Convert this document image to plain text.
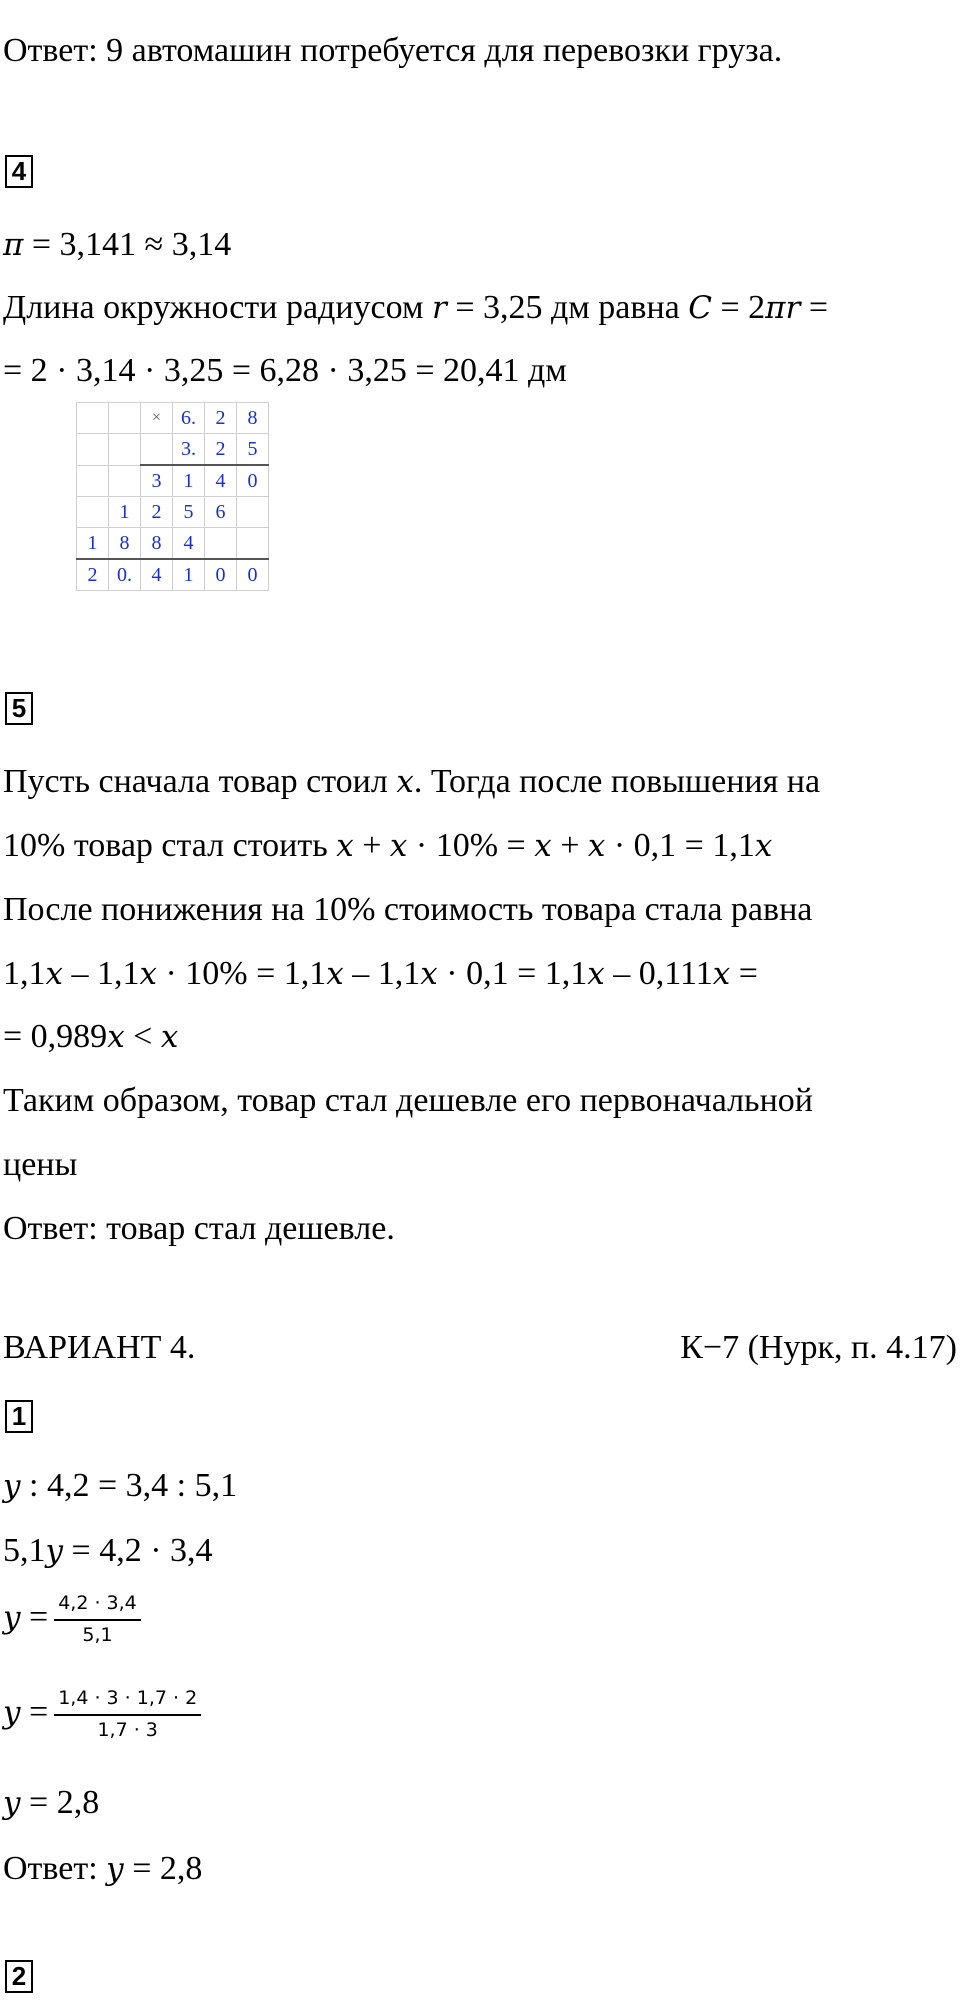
Ответ: 9 автомашин потребуется для перевозки груза.
4
π = 3,141 ≈ 3,14
Длина окружности радиусом r = 3,25 дм равна C = 2πr =
= 2 · 3,14 · 3,25 = 6,28 · 3,25 = 20,41 дм
		×	6.	2	8
			3.	2	5
		3	1	4	0
	1	2	5	6	
1	8	8	4		
2	0.	4	1	0	0
5
Пусть сначала товар стоил x. Тогда после повышения на
10% товар стал стоить x + x · 10% = x + x · 0,1 = 1,1x
После понижения на 10% стоимость товара стала равна
1,1x – 1,1x · 10% = 1,1x – 1,1x · 0,1 = 1,1x – 0,111x =
= 0,989x < x
Таким образом, товар стал дешевле его первоначальной
цены
Ответ: товар стал дешевле.
ВАРИАНТ 4.	К−7 (Нурк, п. 4.17)
1
y : 4,2 = 3,4 : 5,1
5,1y = 4,2 · 3,4
$y = \frac{4,2 \cdot 3,4}{5,1}$
$y = \frac{1,4 \cdot 3 \cdot 1,7 \cdot 2}{1,7 \cdot 3}$
y = 2,8
Ответ: y = 2,8
2
